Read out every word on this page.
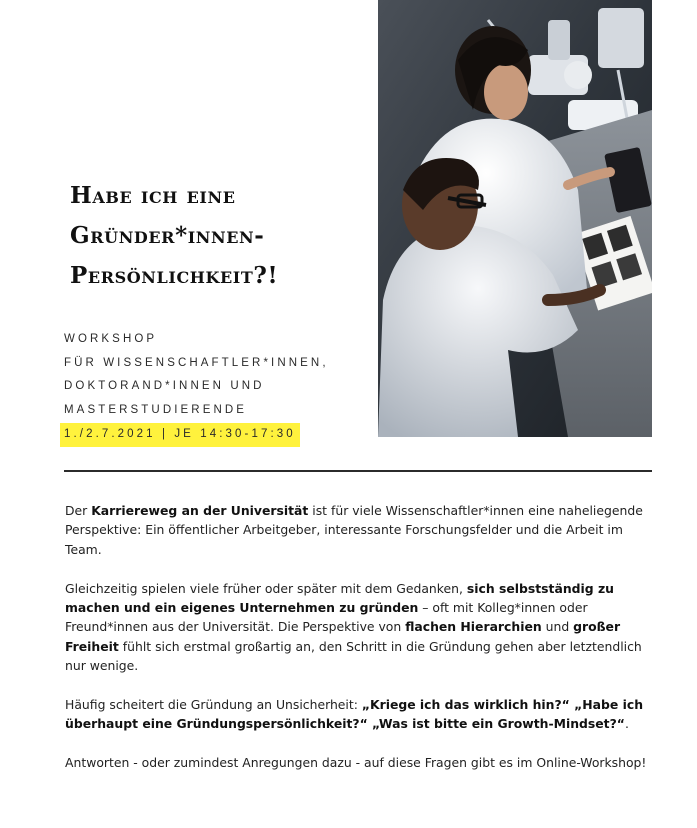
Habe ich eine
Gründer*innen-
Persönlichkeit?!
WORKSHOP
FÜR WISSENSCHAFTLER*INNEN,
DOKTORAND*INNEN UND
MASTERSTUDIERENDE
1./2.7.2021 | JE 14:30-17:30

Der Karriereweg an der Universität ist für viele Wissenschaftler*innen eine naheliegende Perspektive: Ein öffentlicher Arbeitgeber, interessante Forschungsfelder und die Arbeit im Team.

Gleichzeitig spielen viele früher oder später mit dem Gedanken, sich selbstständig zu machen und ein eigenes Unternehmen zu gründen – oft mit Kolleg*innen oder Freund*innen aus der Universität. Die Perspektive von flachen Hierarchien und großer Freiheit fühlt sich erstmal großartig an, den Schritt in die Gründung gehen aber letztendlich nur wenige.

Häufig scheitert die Gründung an Unsicherheit: „Kriege ich das wirklich hin?“ „Habe ich überhaupt eine Gründungspersönlichkeit?“ „Was ist bitte ein Growth-Mindset?“.

Antworten - oder zumindest Anregungen dazu - auf diese Fragen gibt es im Online-Workshop!
